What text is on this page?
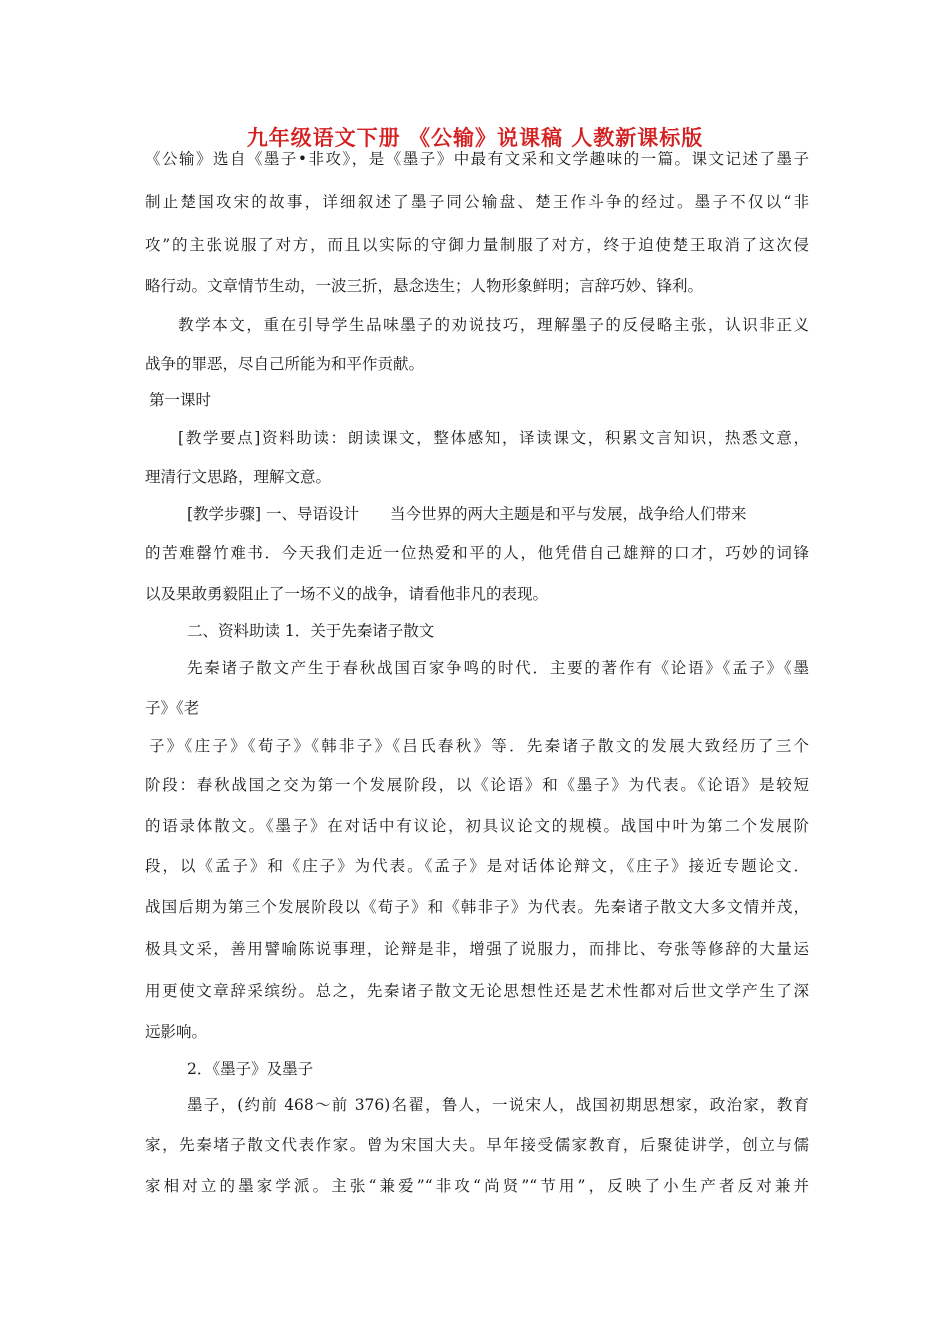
九年级语文下册 《公输》说课稿 人教新课标版
《公输》选自《墨子•非攻》，是《墨子》中最有文采和文学趣味的一篇。课文记述了墨子
制止楚国攻宋的故事，详细叙述了墨子同公输盘、楚王作斗争的经过。墨子不仅以“非
攻”的主张说服了对方，而且以实际的守御力量制服了对方，终于迫使楚王取消了这次侵
略行动。文章情节生动，一波三折，悬念迭生；人物形象鲜明；言辞巧妙、锋利。
教学本文，重在引导学生品味墨子的劝说技巧，理解墨子的反侵略主张，认识非正义
战争的罪恶，尽自己所能为和平作贡献。
第一课时
[教学要点]资料助读：朗读课文，整体感知，译读课文，积累文言知识，热悉文意，
理清行文思路，理解文意。
[教学步骤] 一、导语设计　　当今世界的两大主题是和平与发展，战争给人们带来
的苦难罄竹难书．今天我们走近一位热爱和平的人，他凭借自己雄辩的口才，巧妙的词锋
以及果敢勇毅阻止了一场不义的战争，请看他非凡的表现。
二、资料助读 1．关于先秦诸子散文
先秦诸子散文产生于春秋战国百家争鸣的时代．主要的著作有《论语》《孟子》《墨
子》《老
子》《庄子》《荀子》《韩非子》《吕氏春秋》等．先秦诸子散文的发展大致经历了三个
阶段：春秋战国之交为第一个发展阶段，以《论语》和《墨子》为代表。《论语》是较短
的语录体散文。《墨子》在对话中有议论，初具议论文的规模。战国中叶为第二个发展阶
段，以《孟子》和《庄子》为代表。《孟子》是对话体论辩文，《庄子》接近专题论文．
战国后期为第三个发展阶段以《荀子》和《韩非子》为代表。先秦诸子散文大多文情并茂，
极具文采，善用譬喻陈说事理，论辩是非，增强了说服力，而排比、夸张等修辞的大量运
用更使文章辞采缤纷。总之，先秦诸子散文无论思想性还是艺术性都对后世文学产生了深
远影响。
2．《墨子》及墨子
墨子，(约前 468～前 376)名翟，鲁人，一说宋人，战国初期思想家，政治家，教育
家，先秦堵子散文代表作家。曾为宋国大夫。早年接受儒家教育，后聚徒讲学，创立与儒
家相对立的墨家学派。主张“兼爱”“非攻“尚贤”“节用”，反映了小生产者反对兼并
